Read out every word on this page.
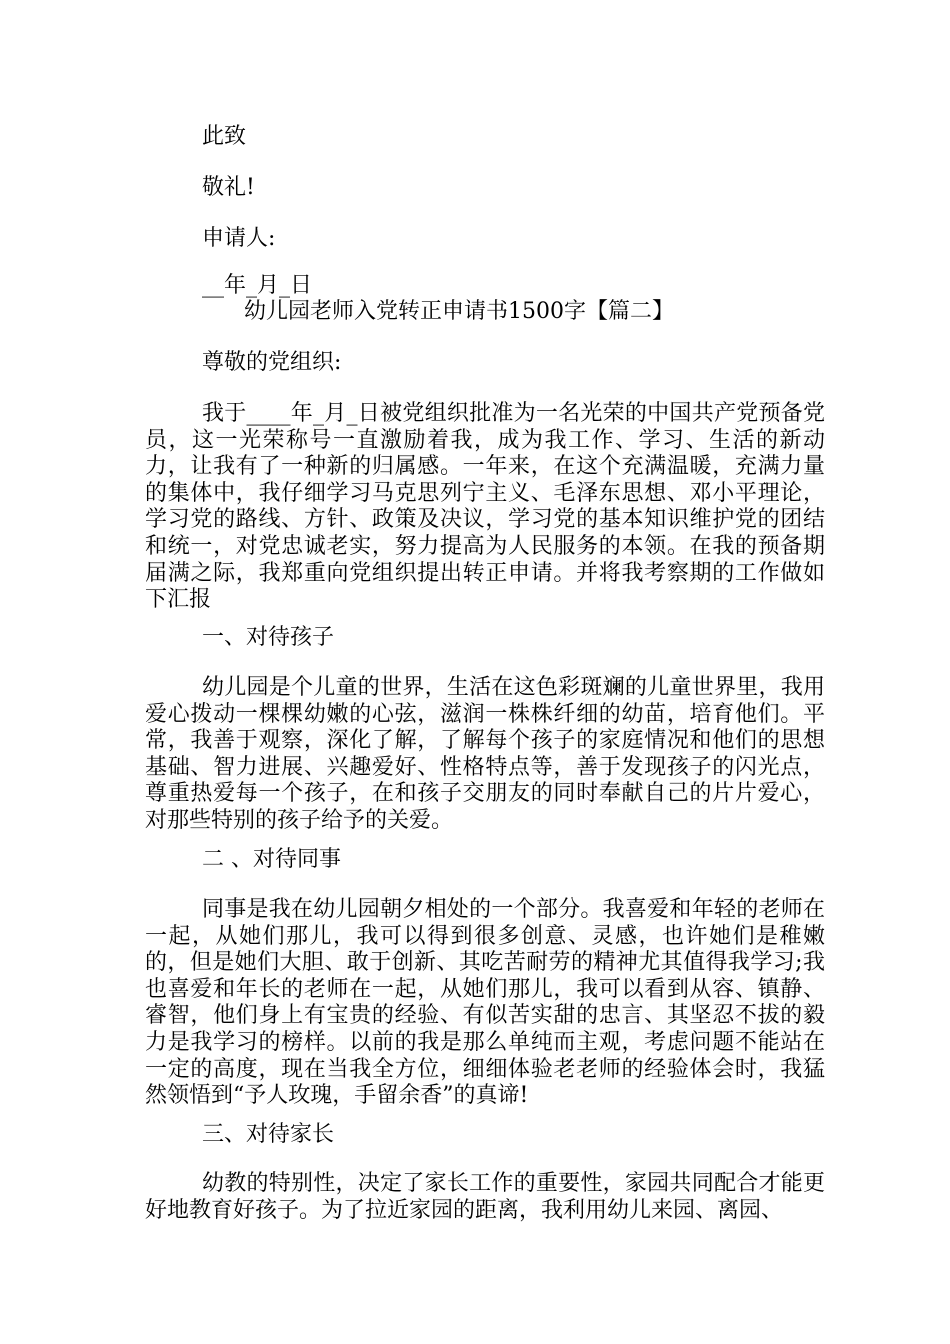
此致
敬礼!
申请人:
__年_月_日
幼儿园老师入党转正申请书1500字【篇二】
尊敬的党组织:
我于____年_月_日被党组织批准为一名光荣的中国共产党预备党员，这一光荣称号一直激励着我，成为我工作、学习、生活的新动力，让我有了一种新的归属感。一年来，在这个充满温暖，充满力量的集体中，我仔细学习马克思列宁主义、毛泽东思想、邓小平理论，学习党的路线、方针、政策及决议，学习党的基本知识维护党的团结和统一，对党忠诚老实，努力提高为人民服务的本领。在我的预备期届满之际，我郑重向党组织提出转正申请。并将我考察期的工作做如下汇报
一、对待孩子
幼儿园是个儿童的世界，生活在这色彩斑斓的儿童世界里，我用爱心拨动一棵棵幼嫩的心弦，滋润一株株纤细的幼苗，培育他们。平常，我善于观察，深化了解，了解每个孩子的家庭情况和他们的思想基础、智力进展、兴趣爱好、性格特点等，善于发现孩子的闪光点，尊重热爱每一个孩子，在和孩子交朋友的同时奉献自己的片片爱心，对那些特别的孩子给予的关爱。
二 、对待同事
同事是我在幼儿园朝夕相处的一个部分。我喜爱和年轻的老师在一起，从她们那儿，我可以得到很多创意、灵感，也许她们是稚嫩的，但是她们大胆、敢于创新、其吃苦耐劳的精神尤其值得我学习;我也喜爱和年长的老师在一起，从她们那儿，我可以看到从容、镇静、睿智，他们身上有宝贵的经验、有似苦实甜的忠言、其坚忍不拔的毅力是我学习的榜样。以前的我是那么单纯而主观，考虑问题不能站在一定的高度，现在当我全方位，细细体验老老师的经验体会时，我猛然领悟到“予人玫瑰，手留余香”的真谛!
三、对待家长
幼教的特别性，决定了家长工作的重要性，家园共同配合才能更好地教育好孩子。为了拉近家园的距离，我利用幼儿来园、离园、
